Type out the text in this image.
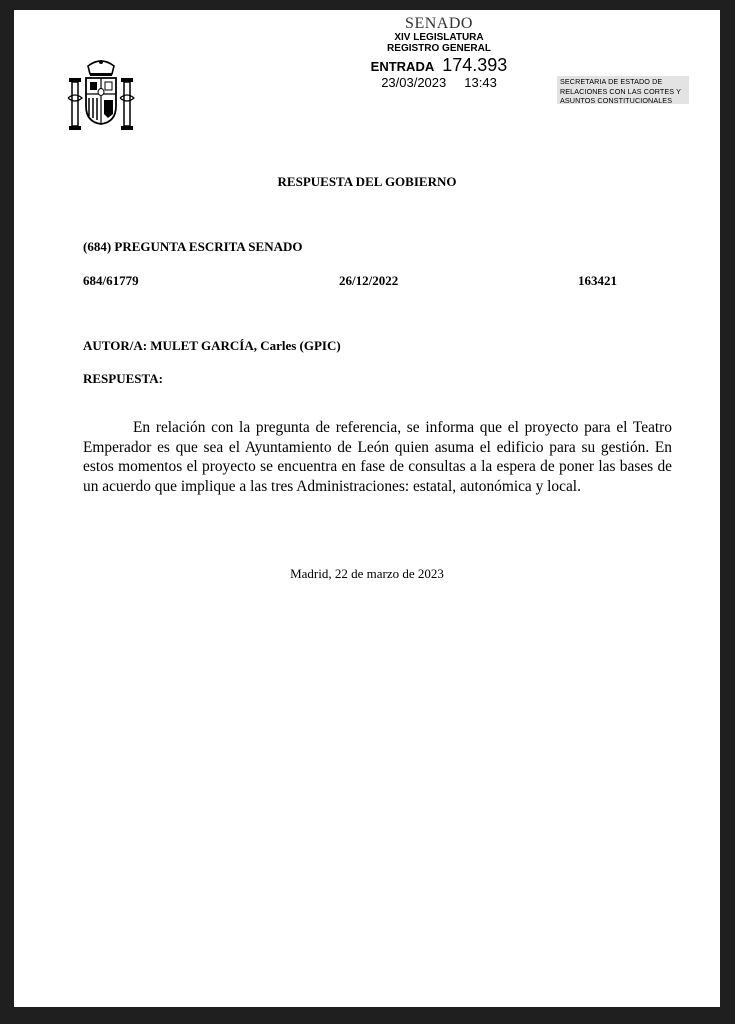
SENADO
XIV LEGISLATURA
REGISTRO GENERAL
ENTRADA 174.393
23/03/2023 13:43	SECRETARIA DE ESTADO DE
RELACIONES CON LAS CORTES Y
ASUNTOS CONSTITUCIONALES
RESPUESTA DEL GOBIERNO
(684) PREGUNTA ESCRITA SENADO
684/61779	26/12/2022	163421
AUTOR/A: MULET GARCÍA, Carles (GPIC)
RESPUESTA:
En relación con la pregunta de referencia, se informa que el proyecto para el Teatro Emperador es que sea el Ayuntamiento de León quien asuma el edificio para su gestión. En estos momentos el proyecto se encuentra en fase de consultas a la espera de poner las bases de un acuerdo que implique a las tres Administraciones: estatal, autonómica y local.
Madrid, 22 de marzo de 2023
